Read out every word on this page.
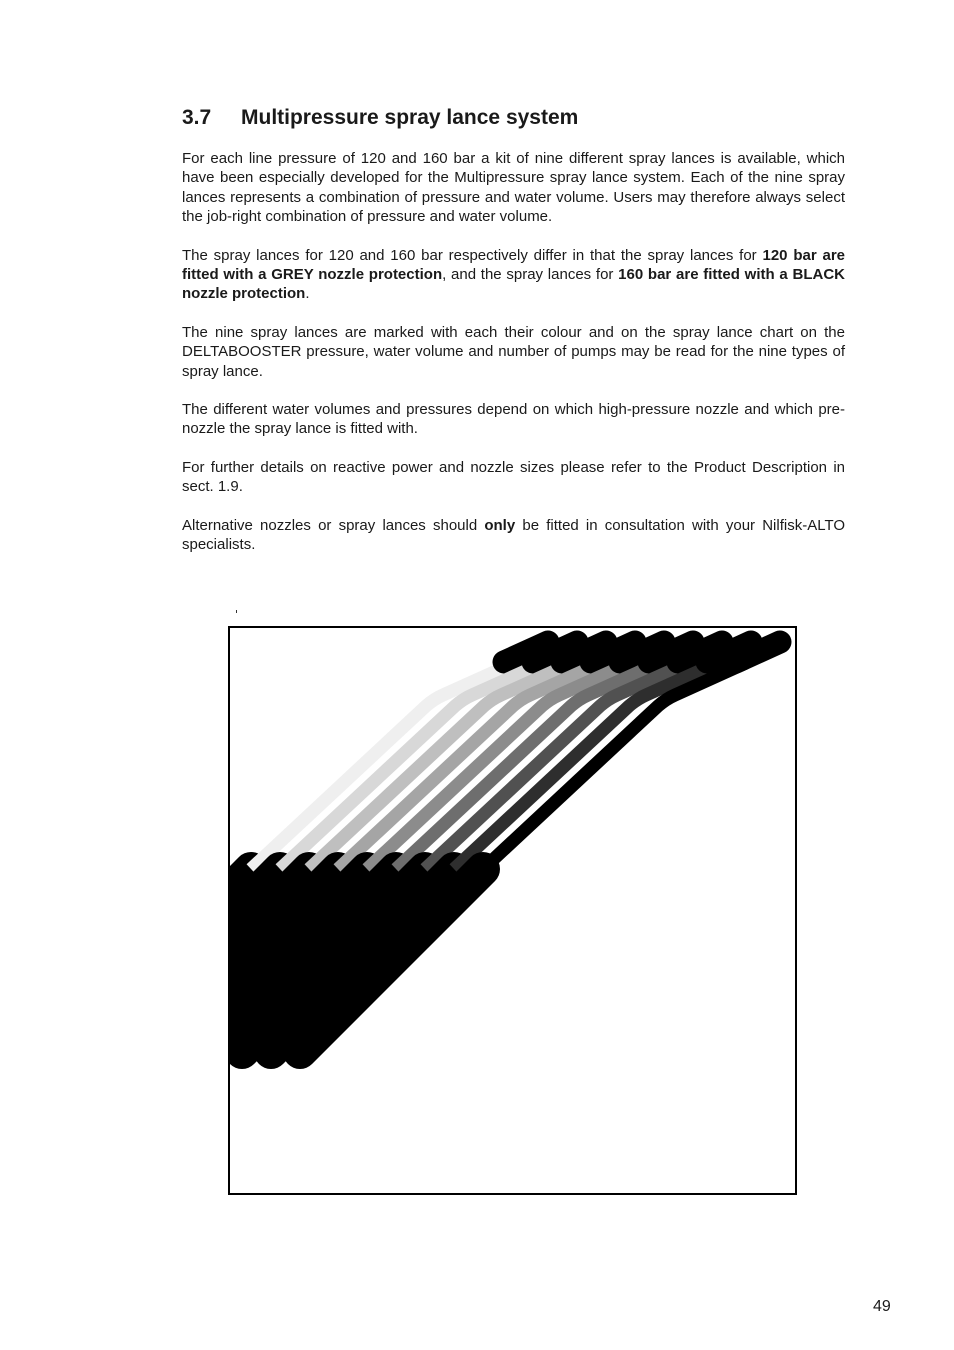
3.7 Multipressure spray lance system

For each line pressure of 120 and 160 bar a kit of nine different spray lances is available, which have been especially developed for the Multipressure spray lance system. Each of the nine spray lances represents a combination of pressure and water volume. Users may therefore always select the job-right combination of pressure and water volume.

The spray lances for 120 and 160 bar respectively differ in that the spray lances for 120 bar are fitted with a GREY nozzle protection, and the spray lances for 160 bar are fitted with a BLACK nozzle protection.

The nine spray lances are marked with each their colour and on the spray lance chart on the DELTABOOSTER pressure, water volume and number of pumps may be read for the nine types of spray lance.

The different water volumes and pressures depend on which high-pressure nozzle and which pre-nozzle the spray lance is fitted with.

For further details on reactive power and nozzle sizes please refer to the Product Description in sect. 1.9.

Alternative nozzles or spray lances should only be fitted in consultation with your Nilfisk-ALTO specialists.

49
